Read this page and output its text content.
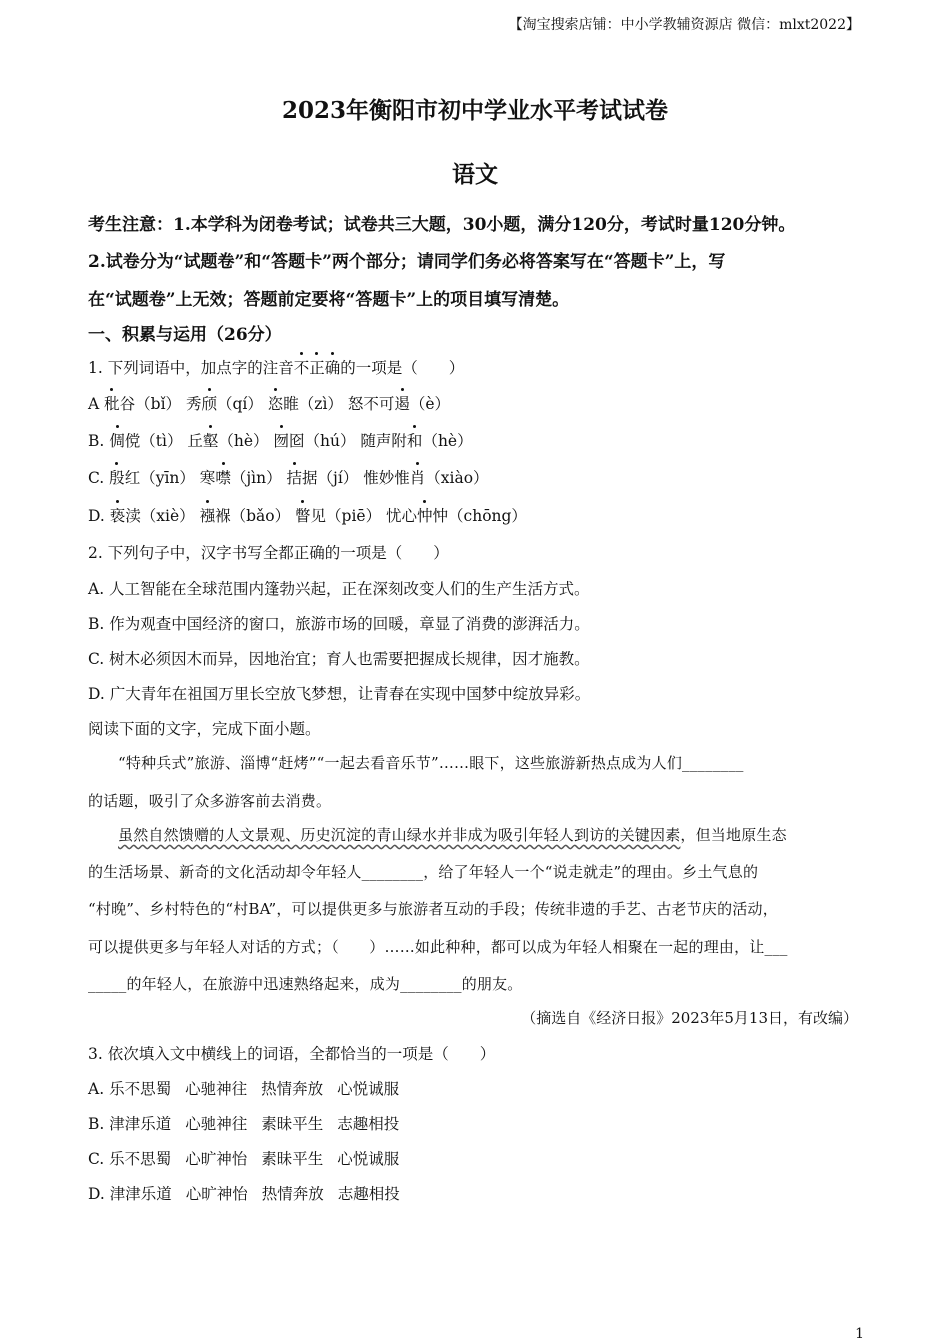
【淘宝搜索店铺：中小学教辅资源店 微信：mlxt2022】
2023年衡阳市初中学业水平考试试卷
语文
考生注意：1.本学科为闭卷考试；试卷共三大题，30小题，满分120分，考试时量120分钟。
2.试卷分为“试题卷”和“答题卡”两个部分；请同学们务必将答案写在“答题卡”上，写
在“试题卷”上无效；答题前定要将“答题卡”上的项目填写清楚。
一、积累与运用（26分）
1. 下列词语中，加点字的注音不正确的一项是（　　）
A 秕谷（bǐ） 秀颀（qí） 恣睢（zì） 怒不可遏（è）
B. 倜傥（tì） 丘壑（hè） 囫囵（hú） 随声附和（hè）
C. 殷红（yīn） 寒噤（jìn） 拮据（jí） 惟妙惟肖（xiào）
D. 亵渎（xiè） 襁褓（bǎo） 瞥见（piē） 忧心忡忡（chōng）
2. 下列句子中，汉字书写全都正确的一项是（　　）
A. 人工智能在全球范围内篷勃兴起，正在深刻改变人们的生产生活方式。
B. 作为观查中国经济的窗口，旅游市场的回暖，章显了消费的澎湃活力。
C. 树木必须因木而异，因地治宜；育人也需要把握成长规律，因才施教。
D. 广大青年在祖国万里长空放飞梦想，让青春在实现中国梦中绽放异彩。
阅读下面的文字，完成下面小题。
“特种兵式”旅游、淄博“赶烤”“一起去看音乐节”……眼下，这些旅游新热点成为人们________
的话题，吸引了众多游客前去消费。
虽然自然馈赠的人文景观、历史沉淀的青山绿水并非成为吸引年轻人到访的关键因素，但当地原生态
的生活场景、新奇的文化活动却令年轻人________，给了年轻人一个“说走就走”的理由。乡土气息的
“村晚”、乡村特色的“村BA”，可以提供更多与旅游者互动的手段；传统非遗的手艺、古老节庆的活动，
可以提供更多与年轻人对话的方式；（　　）……如此种种，都可以成为年轻人相聚在一起的理由，让___
_____的年轻人，在旅游中迅速熟络起来，成为________的朋友。
（摘选自《经济日报》2023年5月13日，有改编）
3. 依次填入文中横线上的词语，全都恰当的一项是（　　）
A. 乐不思蜀 心驰神往 热情奔放 心悦诚服
B. 津津乐道 心驰神往 素昧平生 志趣相投
C. 乐不思蜀 心旷神怡 素昧平生 心悦诚服
D. 津津乐道 心旷神怡 热情奔放 志趣相投
1
